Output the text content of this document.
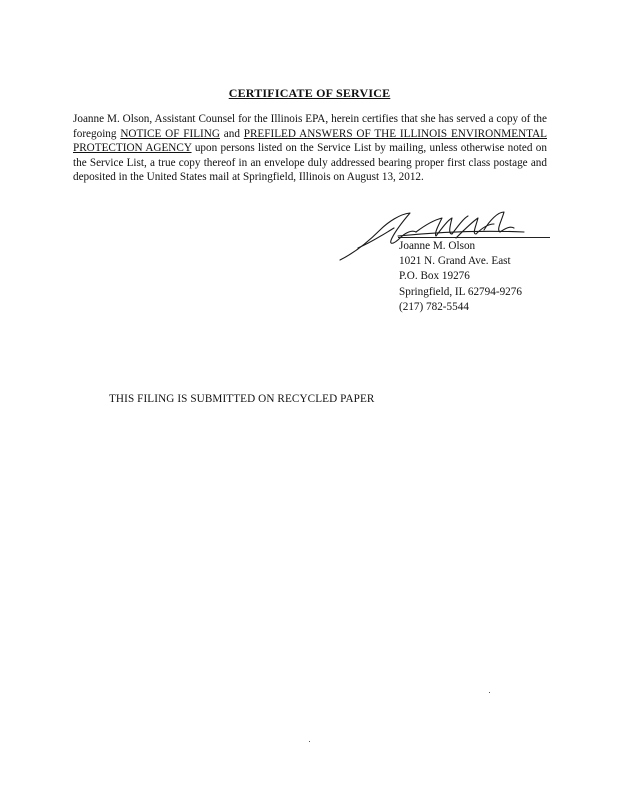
CERTIFICATE OF SERVICE
Joanne M. Olson, Assistant Counsel for the Illinois EPA, herein certifies that she has served a copy of the foregoing NOTICE OF FILING and PREFILED ANSWERS OF THE ILLINOIS ENVIRONMENTAL PROTECTION AGENCY upon persons listed on the Service List by mailing, unless otherwise noted on the Service List, a true copy thereof in an envelope duly addressed bearing proper first class postage and deposited in the United States mail at Springfield, Illinois on August 13, 2012.
Joanne M. Olson
1021 N. Grand Ave. East
P.O. Box 19276
Springfield, IL 62794-9276
(217) 782-5544
THIS FILING IS SUBMITTED ON RECYCLED PAPER
